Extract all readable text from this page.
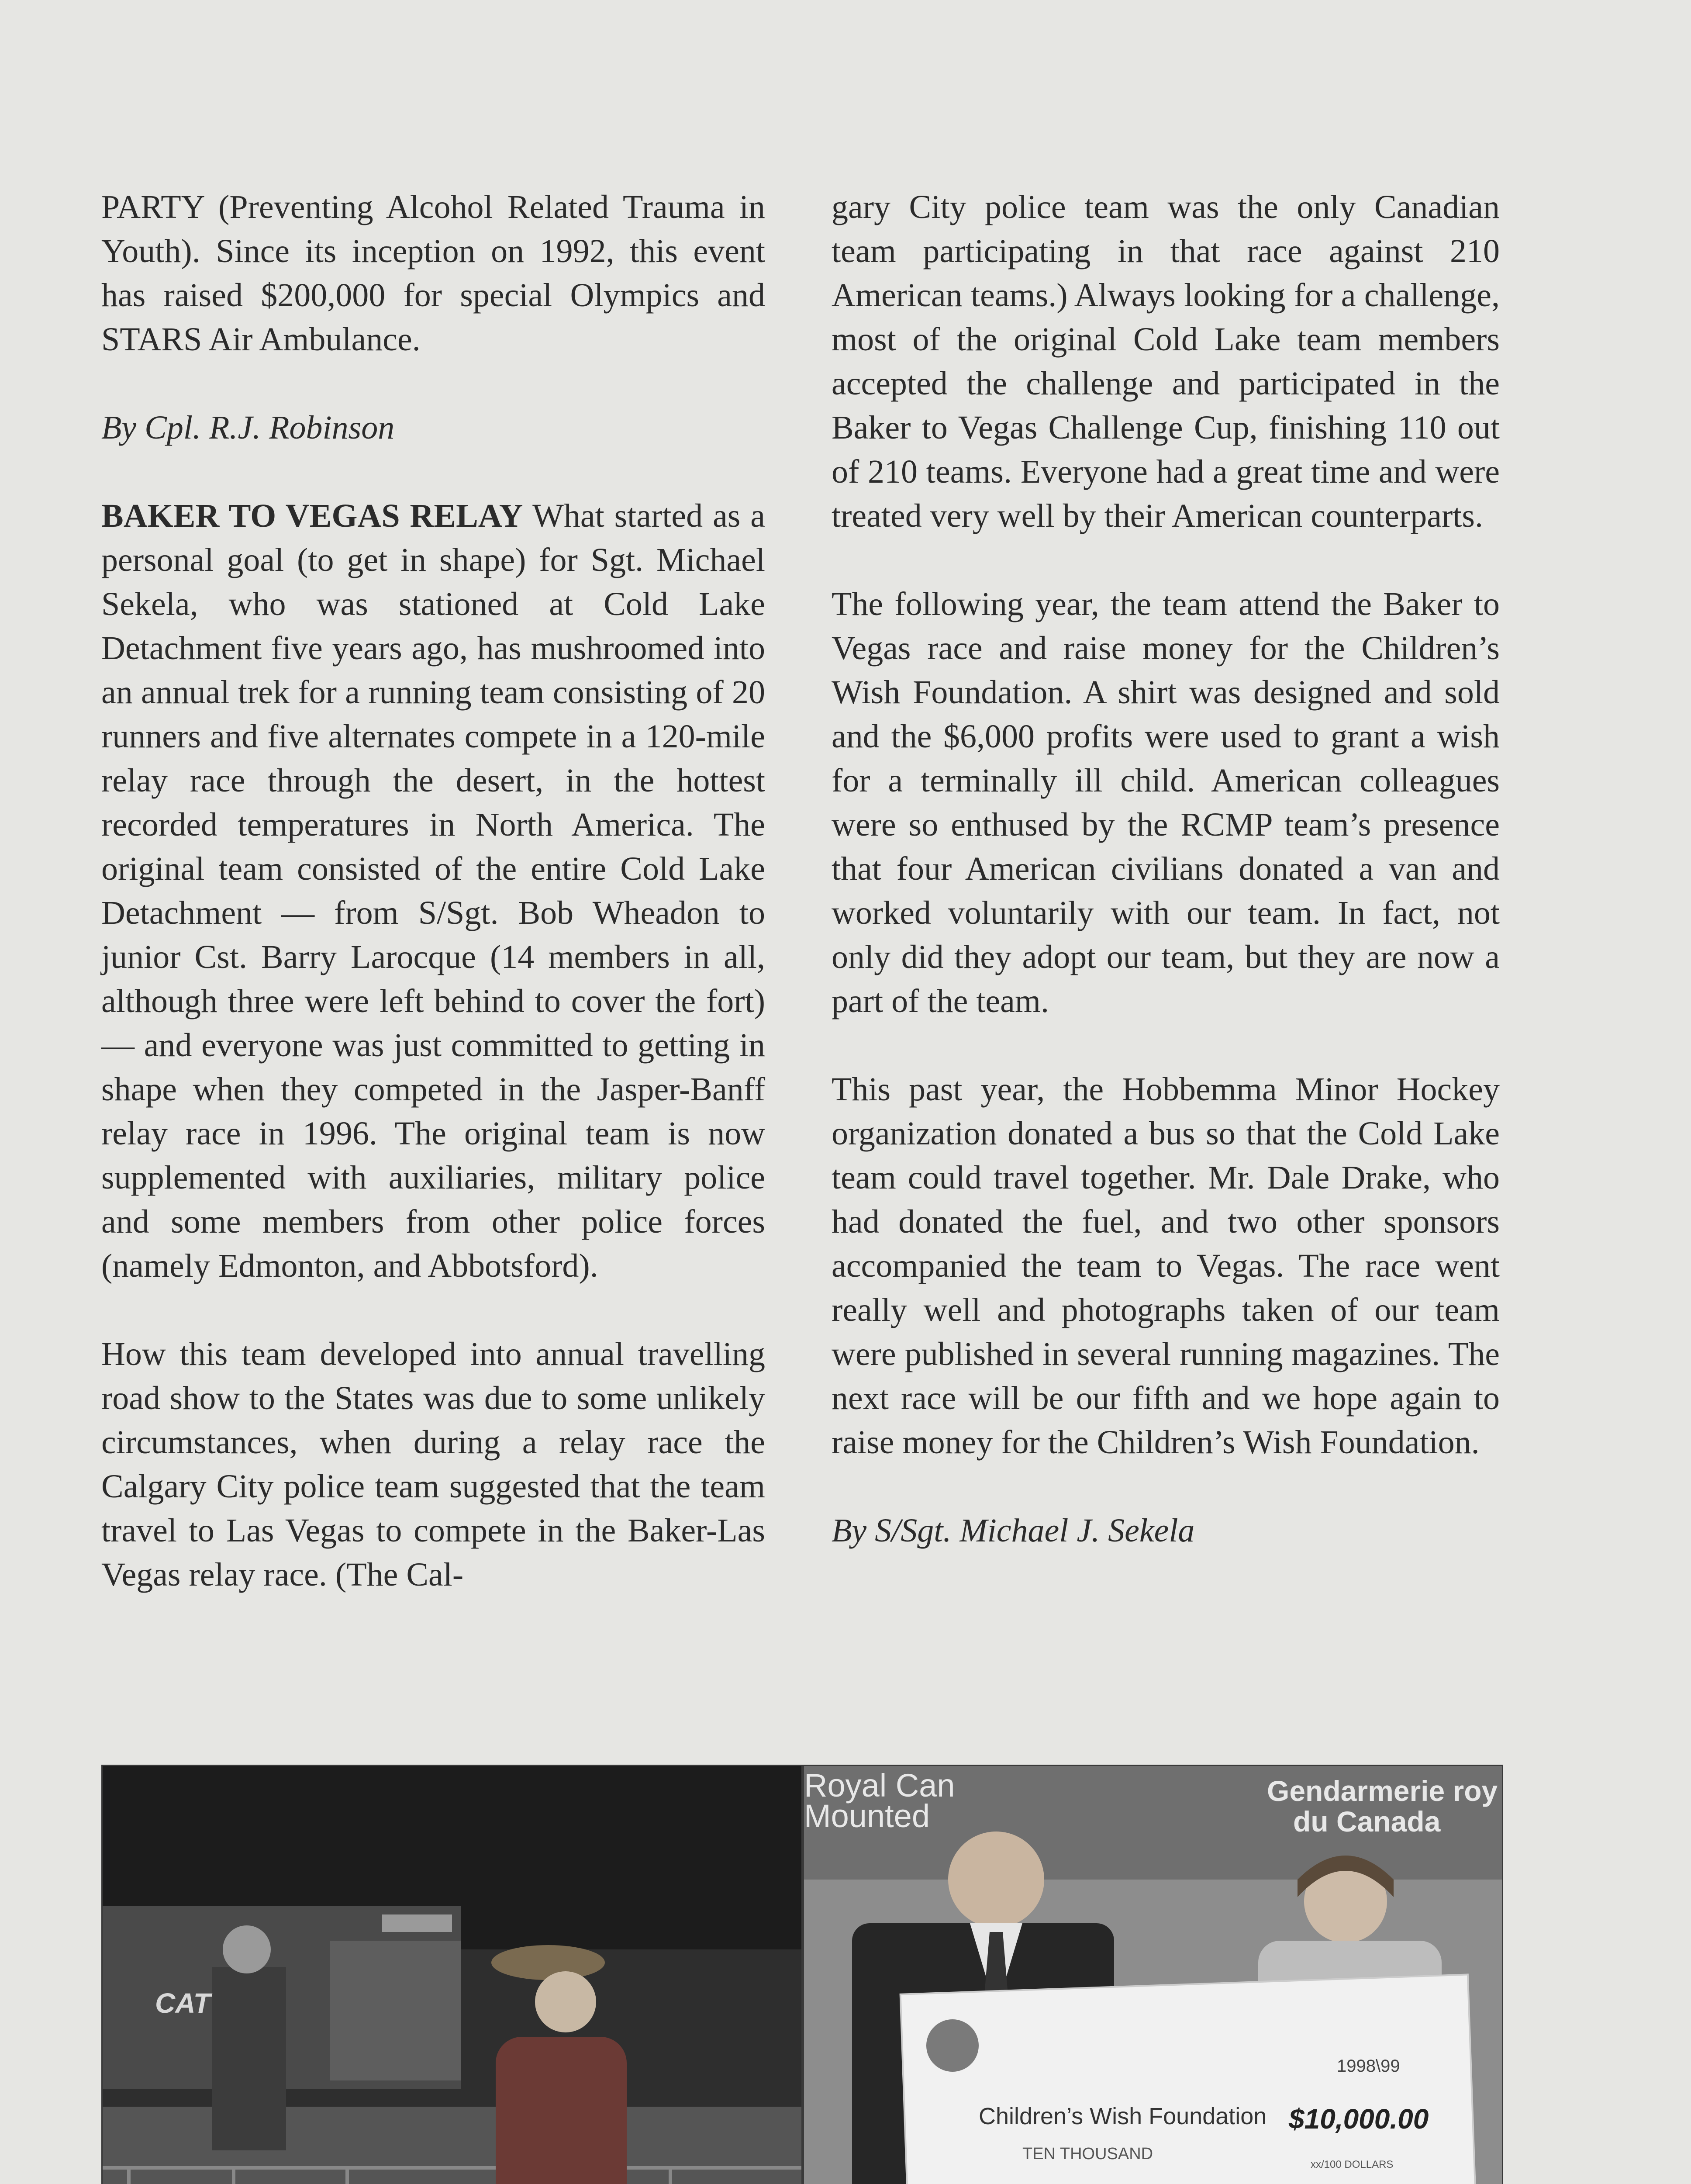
PARTY (Preventing Alcohol Related Trauma in Youth). Since its inception on 1992, this event has raised $200,000 for special Olympics and STARS Air Ambulance.

By Cpl. R.J. Robinson

BAKER TO VEGAS RELAY What started as a personal goal (to get in shape) for Sgt. Michael Sekela, who was stationed at Cold Lake Detachment five years ago, has mushroomed into an annual trek for a running team consisting of 20 runners and five alternates compete in a 120-mile relay race through the desert, in the hottest recorded temperatures in North America. The original team consisted of the entire Cold Lake Detachment — from S/Sgt. Bob Wheadon to junior Cst. Barry Larocque (14 members in all, although three were left behind to cover the fort) — and everyone was just committed to getting in shape when they competed in the Jasper-Banff relay race in 1996. The original team is now supplemented with auxiliaries, military police and some members from other police forces (namely Edmonton, and Abbotsford).

How this team developed into annual travelling road show to the States was due to some unlikely circumstances, when during a relay race the Calgary City police team suggested that the team travel to Las Vegas to compete in the Baker-Las Vegas relay race. (The Cal-

gary City police team was the only Canadian team participating in that race against 210 American teams.) Always looking for a challenge, most of the original Cold Lake team members accepted the challenge and participated in the Baker to Vegas Challenge Cup, finishing 110 out of 210 teams. Everyone had a great time and were treated very well by their American counterparts.

The following year, the team attend the Baker to Vegas race and raise money for the Children’s Wish Foundation. A shirt was designed and sold and the $6,000 profits were used to grant a wish for a terminally ill child. American colleagues were so enthused by the RCMP team’s presence that four American civilians donated a van and worked voluntarily with our team. In fact, not only did they adopt our team, but they are now a part of the team.

This past year, the Hobbemma Minor Hockey organization donated a bus so that the Cold Lake team could travel together. Mr. Dale Drake, who had donated the fuel, and two other sponsors accompanied the team to Vegas. The race went really well and photographs taken of our team were published in several running magazines. The next race will be our fifth and we hope again to raise money for the Children’s Wish Foundation.

By S/Sgt. Michael J. Sekela

CAT
Royal Can
Mounted
Gendarmerie roy
du Canada
1998\99
Children’s Wish Foundation $10,000.00
TEN THOUSAND
xx/100 DOLLARS
